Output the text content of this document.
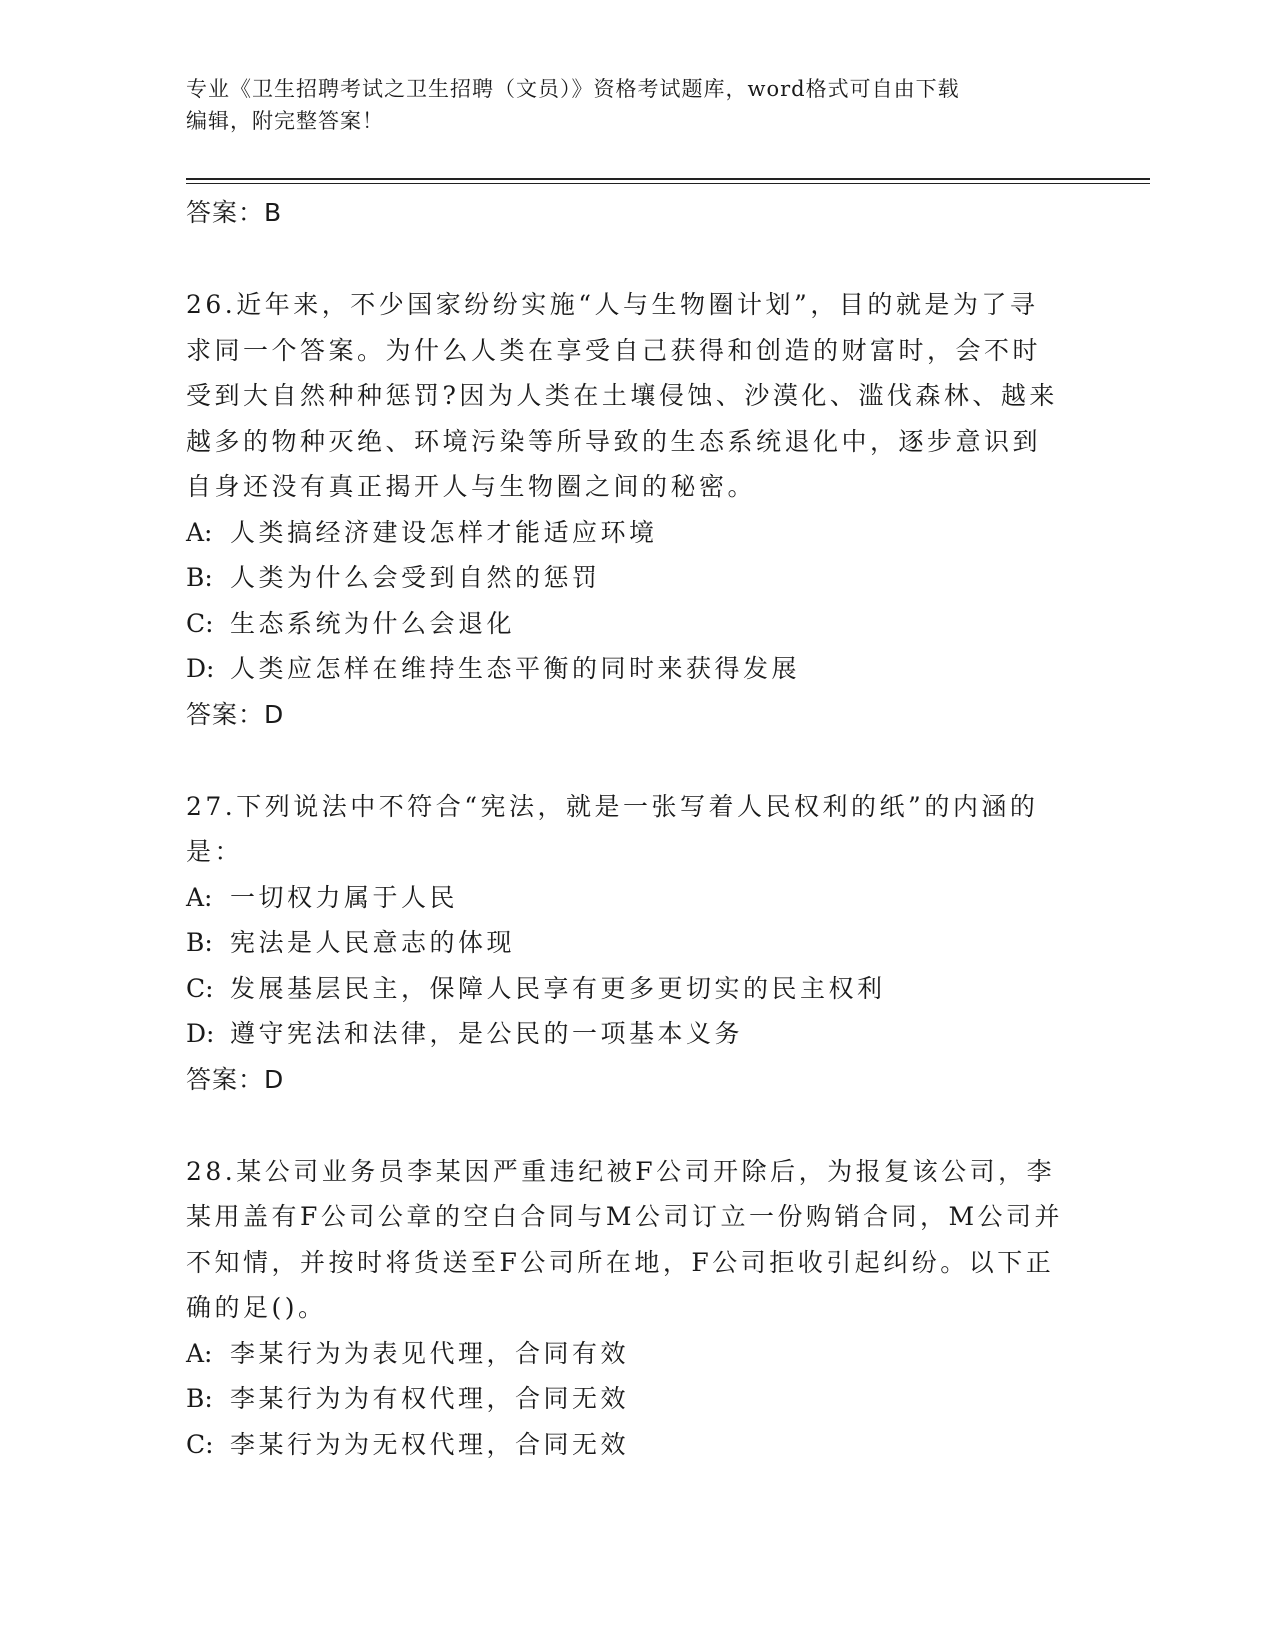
专业《卫生招聘考试之卫生招聘（文员）》资格考试题库，word格式可自由下载
编辑，附完整答案！
答案：B
26.近年来，不少国家纷纷实施“人与生物圈计划”，目的就是为了寻
求同一个答案。为什么人类在享受自己获得和创造的财富时，会不时
受到大自然种种惩罚?因为人类在土壤侵蚀、沙漠化、滥伐森林、越来
越多的物种灭绝、环境污染等所导致的生态系统退化中，逐步意识到
自身还没有真正揭开人与生物圈之间的秘密。
A: 人类搞经济建设怎样才能适应环境
B: 人类为什么会受到自然的惩罚
C: 生态系统为什么会退化
D: 人类应怎样在维持生态平衡的同时来获得发展
答案：D
27.下列说法中不符合“宪法，就是一张写着人民权利的纸”的内涵的
是：
A: 一切权力属于人民
B: 宪法是人民意志的体现
C: 发展基层民主，保障人民享有更多更切实的民主权利
D: 遵守宪法和法律，是公民的一项基本义务
答案：D
28.某公司业务员李某因严重违纪被F公司开除后，为报复该公司，李
某用盖有F公司公章的空白合同与M公司订立一份购销合同，M公司并
不知情，并按时将货送至F公司所在地，F公司拒收引起纠纷。以下正
确的足()。
A: 李某行为为表见代理，合同有效
B: 李某行为为有权代理，合同无效
C: 李某行为为无权代理，合同无效
